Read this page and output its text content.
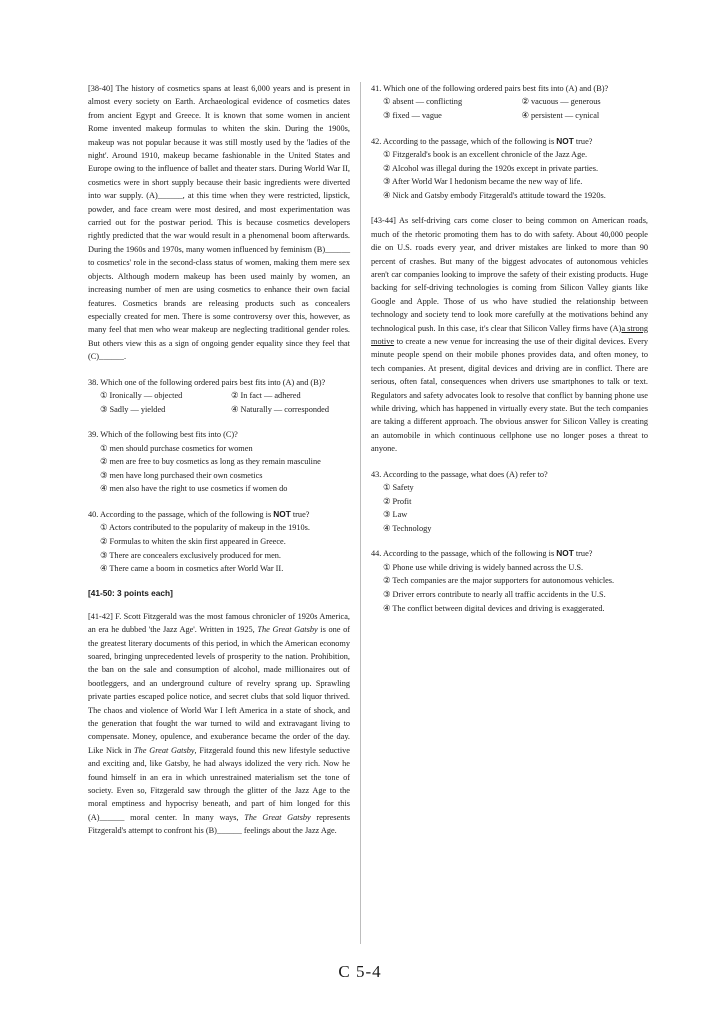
[38-40] The history of cosmetics spans at least 6,000 years and is present in almost every society on Earth. Archaeological evidence of cosmetics dates from ancient Egypt and Greece. It is known that some women in ancient Rome invented makeup formulas to whiten the skin. During the 1900s, makeup was not popular because it was still mostly used by the 'ladies of the night'. Around 1910, makeup became fashionable in the United States and Europe owing to the influence of ballet and theater stars. During World War II, cosmetics were in short supply because their basic ingredients were diverted into war supply. (A)______, at this time when they were restricted, lipstick, powder, and face cream were most desired, and most experimentation was carried out for the postwar period. This is because cosmetics developers rightly predicted that the war would result in a phenomenal boom afterwards. During the 1960s and 1970s, many women influenced by feminism (B)______ to cosmetics' role in the second-class status of women, making them mere sex objects. Although modern makeup has been used mainly by women, an increasing number of men are using cosmetics to enhance their own facial features. Cosmetics brands are releasing products such as concealers especially created for men. There is some controversy over this, however, as many feel that men who wear makeup are neglecting traditional gender roles. But others view this as a sign of ongoing gender equality since they feel that (C)______.

38. Which one of the following ordered pairs best fits into (A) and (B)?
① Ironically — objected	② In fact — adhered
③ Sadly — yielded	④ Naturally — corresponded
39. Which of the following best fits into (C)?
① men should purchase cosmetics for women
② men are free to buy cosmetics as long as they remain masculine
③ men have long purchased their own cosmetics
④ men also have the right to use cosmetics if women do
40. According to the passage, which of the following is NOT true?
① Actors contributed to the popularity of makeup in the 1910s.
② Formulas to whiten the skin first appeared in Greece.
③ There are concealers exclusively produced for men.
④ There came a boom in cosmetics after World War II.

[41-50: 3 points each]

[41-42] F. Scott Fitzgerald was the most famous chronicler of 1920s America, an era he dubbed 'the Jazz Age'. Written in 1925, The Great Gatsby is one of the greatest literary documents of this period, in which the American economy soared, bringing unprecedented levels of prosperity to the nation. Prohibition, the ban on the sale and consumption of alcohol, made millionaires out of bootleggers, and an underground culture of revelry sprang up. Sprawling private parties escaped police notice, and secret clubs that sold liquor thrived. The chaos and violence of World War I left America in a state of shock, and the generation that fought the war turned to wild and extravagant living to compensate. Money, opulence, and exuberance became the order of the day. Like Nick in The Great Gatsby, Fitzgerald found this new lifestyle seductive and exciting and, like Gatsby, he had always idolized the very rich. Now he found himself in an era in which unrestrained materialism set the tone of society. Even so, Fitzgerald saw through the glitter of the Jazz Age to the moral emptiness and hypocrisy beneath, and part of him longed for this (A)______ moral center. In many ways, The Great Gatsby represents Fitzgerald's attempt to confront his (B)______ feelings about the Jazz Age.

41. Which one of the following ordered pairs best fits into (A) and (B)?
① absent — conflicting	② vacuous — generous
③ fixed — vague	④ persistent — cynical
42. According to the passage, which of the following is NOT true?
① Fitzgerald's book is an excellent chronicle of the Jazz Age.
② Alcohol was illegal during the 1920s except in private parties.
③ After World War I hedonism became the new way of life.
④ Nick and Gatsby embody Fitzgerald's attitude toward the 1920s.

[43-44] As self-driving cars come closer to being common on American roads, much of the rhetoric promoting them has to do with safety. About 40,000 people die on U.S. roads every year, and driver mistakes are linked to more than 90 percent of crashes. But many of the biggest advocates of autonomous vehicles aren't car companies looking to improve the safety of their existing products. Huge backing for self-driving technologies is coming from Silicon Valley giants like Google and Apple. Those of us who have studied the relationship between technology and society tend to look more carefully at the motivations behind any technological push. In this case, it's clear that Silicon Valley firms have (A)a strong motive to create a new venue for increasing the use of their digital devices. Every minute people spend on their mobile phones provides data, and often money, to tech companies. At present, digital devices and driving are in conflict. There are serious, often fatal, consequences when drivers use smartphones to talk or text. Regulators and safety advocates look to resolve that conflict by banning phone use while driving, which has happened in virtually every state. But the tech companies are taking a different approach. The obvious answer for Silicon Valley is creating an automobile in which continuous cellphone use no longer poses a threat to anyone.

43. According to the passage, what does (A) refer to?
① Safety
② Profit
③ Law
④ Technology
44. According to the passage, which of the following is NOT true?
① Phone use while driving is widely banned across the U.S.
② Tech companies are the major supporters for autonomous vehicles.
③ Driver errors contribute to nearly all traffic accidents in the U.S.
④ The conflict between digital devices and driving is exaggerated.
C 5-4
